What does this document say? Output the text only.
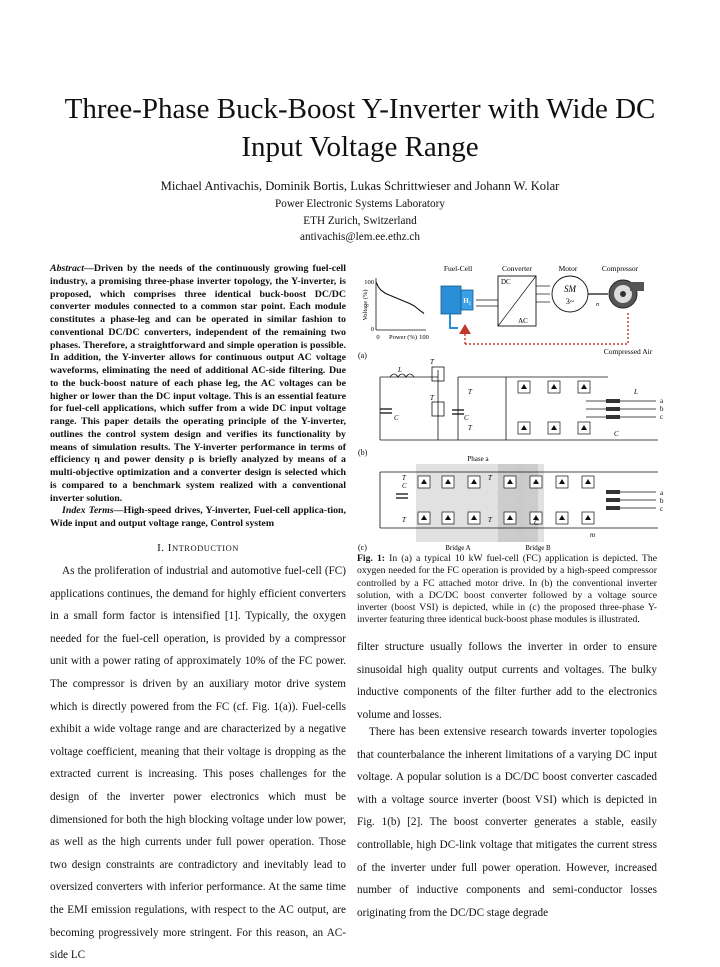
Three-Phase Buck-Boost Y-Inverter with Wide DC Input Voltage Range
Michael Antivachis, Dominik Bortis, Lukas Schrittwieser and Johann W. Kolar
Power Electronic Systems Laboratory
ETH Zurich, Switzerland
antivachis@lem.ee.ethz.ch

Abstract—Driven by the needs of the continuously growing fuel-cell industry, a promising three-phase inverter topology, the Y-inverter, is proposed, which comprises three identical buck-boost DC/DC converter modules connected to a common star point. Each module constitutes a phase-leg and can be operated in similar fashion to conventional DC/DC converters, independent of the remaining two phases. Therefore, a straightforward and simple operation is possible. In addition, the Y-inverter allows for continuous output AC voltage waveforms, eliminating the need of additional AC-side filtering. Due to the buck-boost nature of each phase leg, the AC voltages can be higher or lower than the DC input voltage. This is an essential feature for fuel-cell applications, which suffer from a wide DC input voltage range. This paper details the operating principle of the Y-inverter, outlines the control system design and verifies its functionality by means of simulation results. The Y-inverter performance in terms of efficiency η and power density ρ is briefly analyzed by means of a multi-objective optimization and a converter design is selected which is compared to a benchmark system realized with a conventional inverter solution.

Index Terms—High-speed drives, Y-inverter, Fuel-cell applica-tion, Wide input and output voltage range, Control system

I. INTRODUCTION

As the proliferation of industrial and automotive fuel-cell (FC) applications continues, the demand for highly efficient converters in a small form factor is intensified [1]. Typically, the oxygen needed for the fuel-cell operation, is provided by a compressor unit with a power rating of approximately 10% of the FC power. The compressor is driven by an auxiliary motor drive system which is directly powered from the FC (cf. Fig. 1(a)). Fuel-cells exhibit a wide voltage range and are characterized by a negative voltage coefficient, meaning that their voltage is dropping as the extracted current is increasing. This poses challenges for the design of the inverter power electronics which must be dimensioned for both the high blocking voltage under low power, as well as the high currents under full power operation. Those two design constraints are contradictory and inevitably lead to oversized converters with inferior performance. At the same time the EMI emission regulations, with respect to the AC output, are becoming progressively more stringent. For this reason, an AC-side LC

Fuel-Cell	Converter	Motor	Compressor
100
0
0 Power (%) 100
Voltage (%)	H₂
DC
AC
SM
3~	n
Compressed Air
(a)
L
T
T
T
T
C
C
C
L
a
b
c
(b)
Phase a
C
T	T
T	T	C
a
b
c
m
Bridge A	Bridge B
(c)
Fig. 1: In (a) a typical 10 kW fuel-cell (FC) application is depicted. The oxygen needed for the FC operation is provided by a high-speed compressor controlled by a FC attached motor drive. In (b) the conventional inverter solution, with a DC/DC boost converter followed by a voltage source inverter (boost VSI) is depicted, while in (c) the proposed three-phase Y-inverter featuring three identical buck-boost phase modules is illustrated.

filter structure usually follows the inverter in order to ensure sinusoidal high quality output currents and voltages. The bulky inductive components of the filter further add to the electronics volume and losses.

There has been extensive research towards inverter topologies that counterbalance the inherent limitations of a varying DC input voltage. A popular solution is a DC/DC boost converter cascaded with a voltage source inverter (boost VSI) which is depicted in Fig. 1(b) [2]. The boost converter generates a stable, easily controllable, high DC-link voltage that mitigates the current stress of the inverter under full power operation. However, increased number of inductive components and semi-conductor losses originating from the DC/DC stage degrade
